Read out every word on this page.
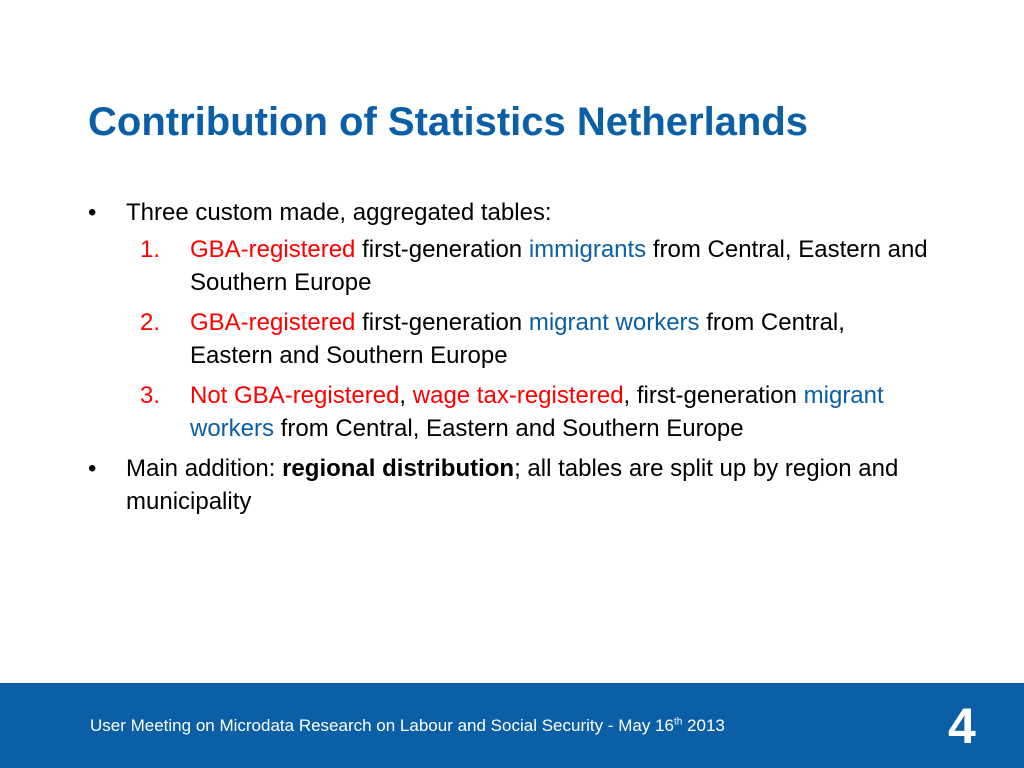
Contribution of Statistics Netherlands
• Three custom made, aggregated tables:
1. GBA-registered first-generation immigrants from Central, Eastern and Southern Europe
2. GBA-registered first-generation migrant workers from Central, Eastern and Southern Europe
3. Not GBA-registered, wage tax-registered, first-generation migrant workers from Central, Eastern and Southern Europe
• Main addition: regional distribution; all tables are split up by region and municipality
User Meeting on Microdata Research on Labour and Social Security - May 16th 2013	4
